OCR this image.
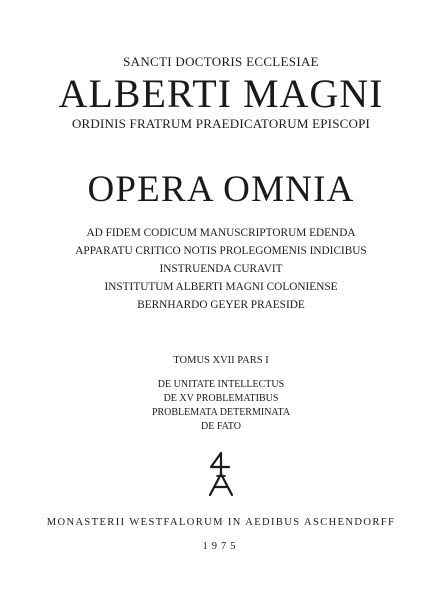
SANCTI DOCTORIS ECCLESIAE
ALBERTI MAGNI
ORDINIS FRATRUM PRAEDICATORUM EPISCOPI
OPERA OMNIA
AD FIDEM CODICUM MANUSCRIPTORUM EDENDA
APPARATU CRITICO NOTIS PROLEGOMENIS INDICIBUS
INSTRUENDA CURAVIT
INSTITUTUM ALBERTI MAGNI COLONIENSE
BERNHARDO GEYER PRAESIDE
TOMUS XVII PARS I
DE UNITATE INTELLECTUS
DE XV PROBLEMATIBUS
PROBLEMATA DETERMINATA
DE FATO
MONASTERII WESTFALORUM IN AEDIBUS ASCHENDORFF
1975
